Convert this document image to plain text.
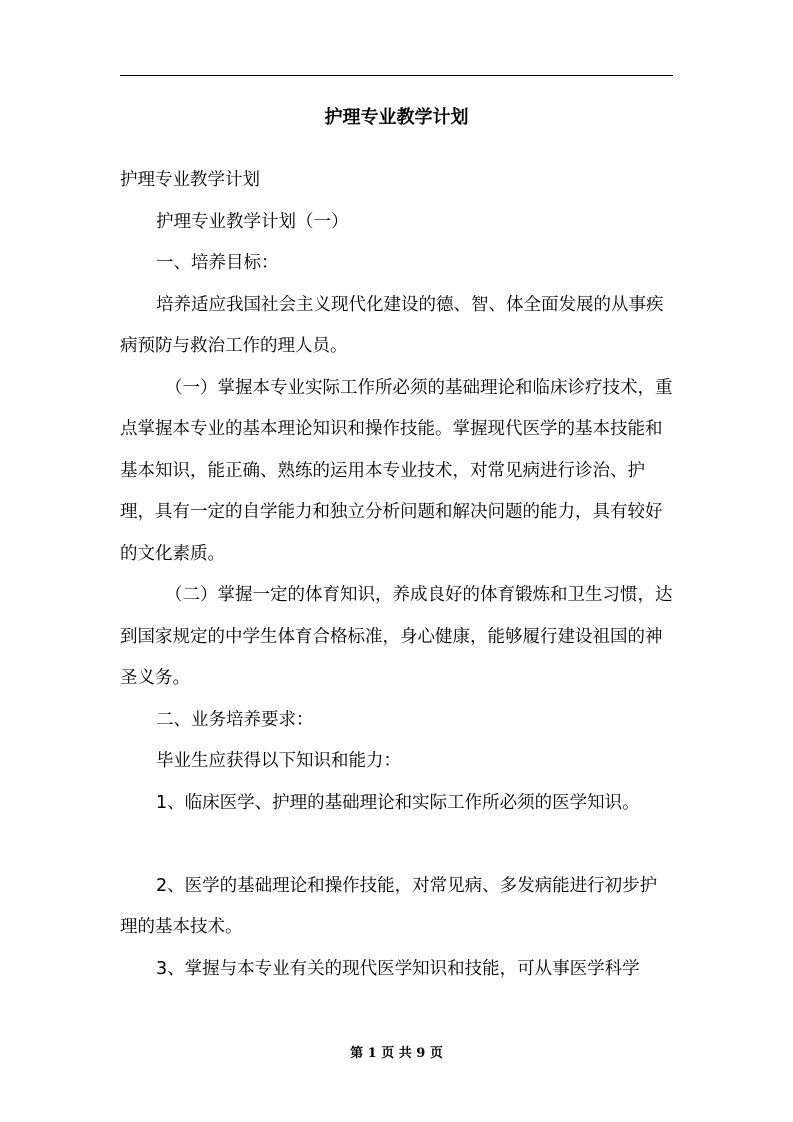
护理专业教学计划

护理专业教学计划

护理专业教学计划（一）

一、培养目标：

培养适应我国社会主义现代化建设的德、智、体全面发展的从事疾病预防与救治工作的理人员。

（一）掌握本专业实际工作所必须的基础理论和临床诊疗技术，重点掌握本专业的基本理论知识和操作技能。掌握现代医学的基本技能和基本知识，能正确、熟练的运用本专业技术，对常见病进行诊治、护理，具有一定的自学能力和独立分析问题和解决问题的能力，具有较好的文化素质。

（二）掌握一定的体育知识，养成良好的体育锻炼和卫生习惯，达到国家规定的中学生体育合格标准，身心健康，能够履行建设祖国的神圣义务。

二、业务培养要求：

毕业生应获得以下知识和能力：

1、临床医学、护理的基础理论和实际工作所必须的医学知识。

2、医学的基础理论和操作技能，对常见病、多发病能进行初步护理的基本技术。

3、掌握与本专业有关的现代医学知识和技能，可从事医学科学

第 1 页 共 9 页
